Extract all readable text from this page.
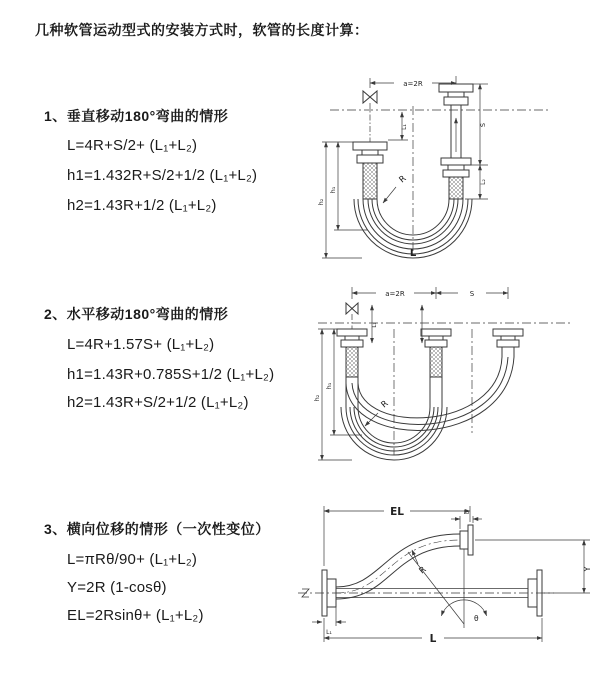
几种软管运动型式的安装方式时，软管的长度计算：
1、垂直移动180°弯曲的情形
L=4R+S/2+ (L₁+L₂)
h1=1.432R+S/2+1/2 (L₁+L₂)
h2=1.43R+1/2 (L₁+L₂)
2、水平移动180°弯曲的情形
L=4R+1.57S+ (L₁+L₂)
h1=1.43R+0.785S+1/2 (L₁+L₂)
h2=1.43R+S/2+1/2 (L₁+L₂)
3、横向位移的情形（一次性变位）
L=πRθ/90+ (L₁+L₂)
Y=2R (1-cosθ)
EL=2Rsinθ+ (L₁+L₂)
a=2R
h₂
h₁
L₁	S
L₂
R
L
a=2R	S
h₂
h₁
L₁
R
EL	L₂
Y
L
L₁
R
θ
